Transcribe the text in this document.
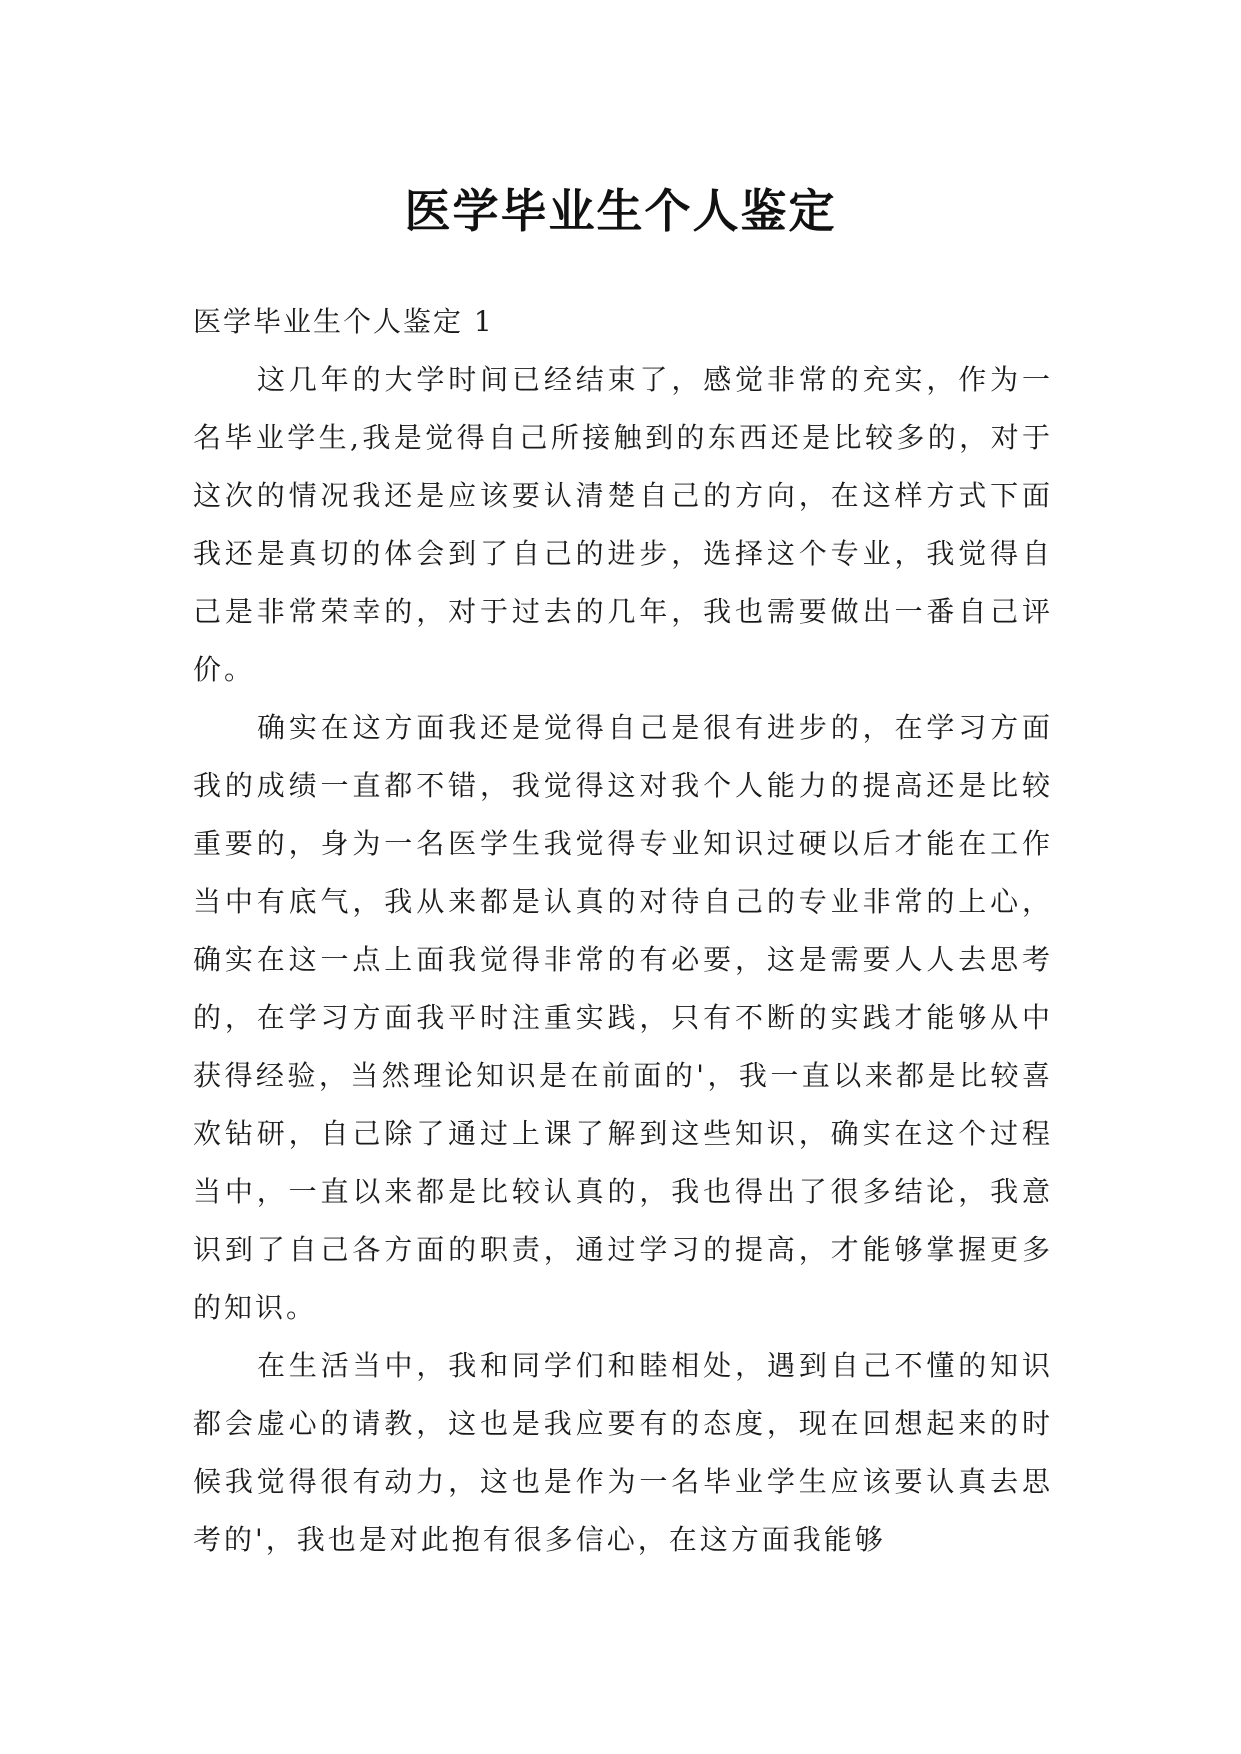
医学毕业生个人鉴定

医学毕业生个人鉴定 1

这几年的大学时间已经结束了，感觉非常的充实，作为一名毕业学生,我是觉得自己所接触到的东西还是比较多的，对于这次的情况我还是应该要认清楚自己的方向，在这样方式下面我还是真切的体会到了自己的进步，选择这个专业，我觉得自己是非常荣幸的，对于过去的几年，我也需要做出一番自己评价。

确实在这方面我还是觉得自己是很有进步的，在学习方面我的成绩一直都不错，我觉得这对我个人能力的提高还是比较重要的，身为一名医学生我觉得专业知识过硬以后才能在工作当中有底气，我从来都是认真的对待自己的专业非常的上心，确实在这一点上面我觉得非常的有必要，这是需要人人去思考的，在学习方面我平时注重实践，只有不断的实践才能够从中获得经验，当然理论知识是在前面的'，我一直以来都是比较喜欢钻研，自己除了通过上课了解到这些知识，确实在这个过程当中，一直以来都是比较认真的，我也得出了很多结论，我意识到了自己各方面的职责，通过学习的提高，才能够掌握更多的知识。

在生活当中，我和同学们和睦相处，遇到自己不懂的知识都会虚心的请教，这也是我应要有的态度，现在回想起来的时候我觉得很有动力，这也是作为一名毕业学生应该要认真去思考的'，我也是对此抱有很多信心，在这方面我能够
